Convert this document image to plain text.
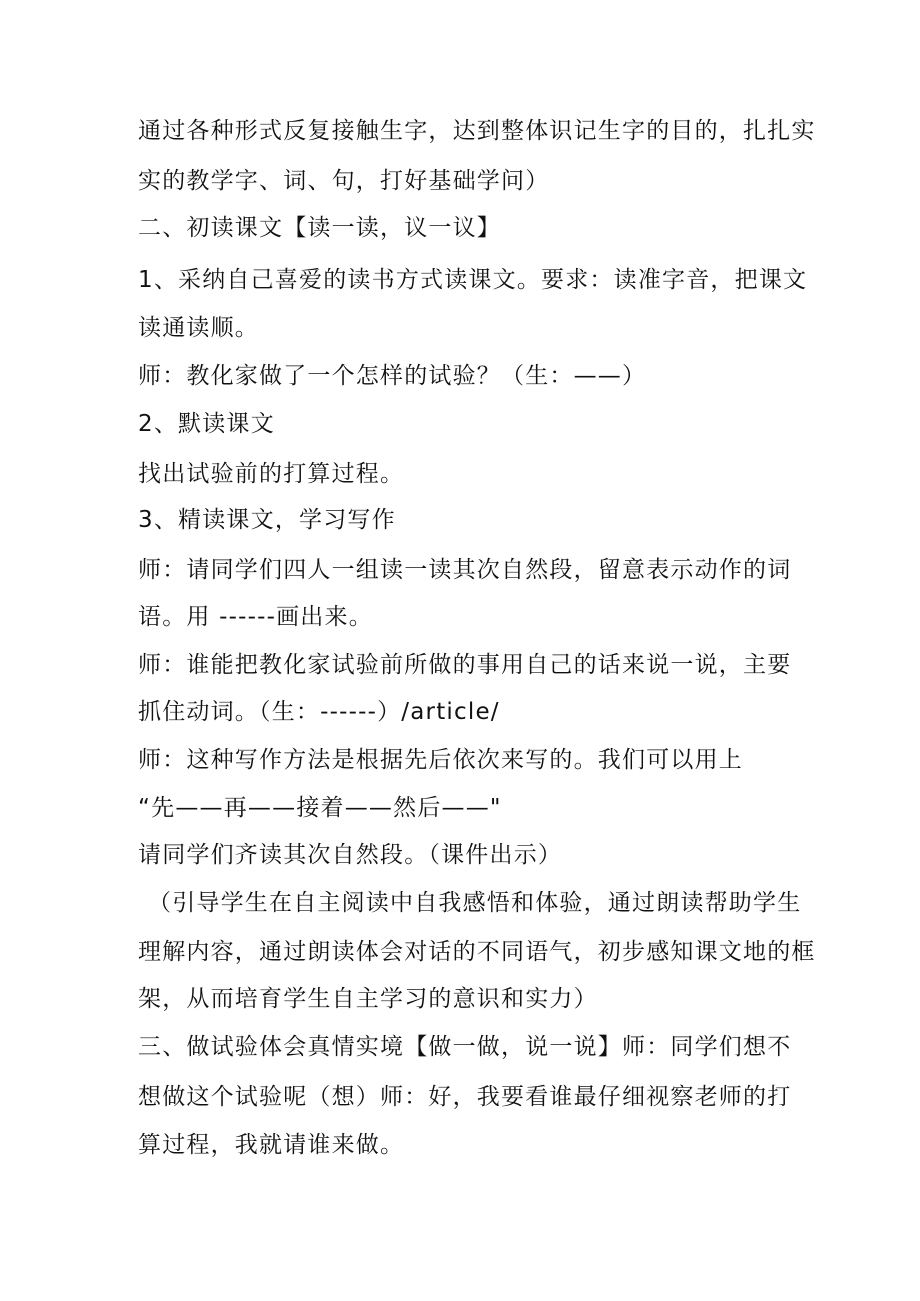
通过各种形式反复接触生字，达到整体识记生字的目的，扎扎实
实的教学字、词、句，打好基础学问）
二、初读课文【读一读，议一议】
1、采纳自己喜爱的读书方式读课文。要求：读准字音，把课文
读通读顺。
师：教化家做了一个怎样的试验？（生：——）
2、默读课文
找出试验前的打算过程。
3、精读课文，学习写作
师：请同学们四人一组读一读其次自然段，留意表示动作的词
语。用 ------画出来。
师：谁能把教化家试验前所做的事用自己的话来说一说，主要
抓住动词。（生：------）/article/
师：这种写作方法是根据先后依次来写的。我们可以用上
“先——再——接着——然后——"
请同学们齐读其次自然段。（课件出示）
（引导学生在自主阅读中自我感悟和体验，通过朗读帮助学生
理解内容，通过朗读体会对话的不同语气，初步感知课文地的框
架，从而培育学生自主学习的意识和实力）
三、做试验体会真情实境【做一做，说一说】师：同学们想不
想做这个试验呢（想）师：好，我要看谁最仔细视察老师的打
算过程，我就请谁来做。
